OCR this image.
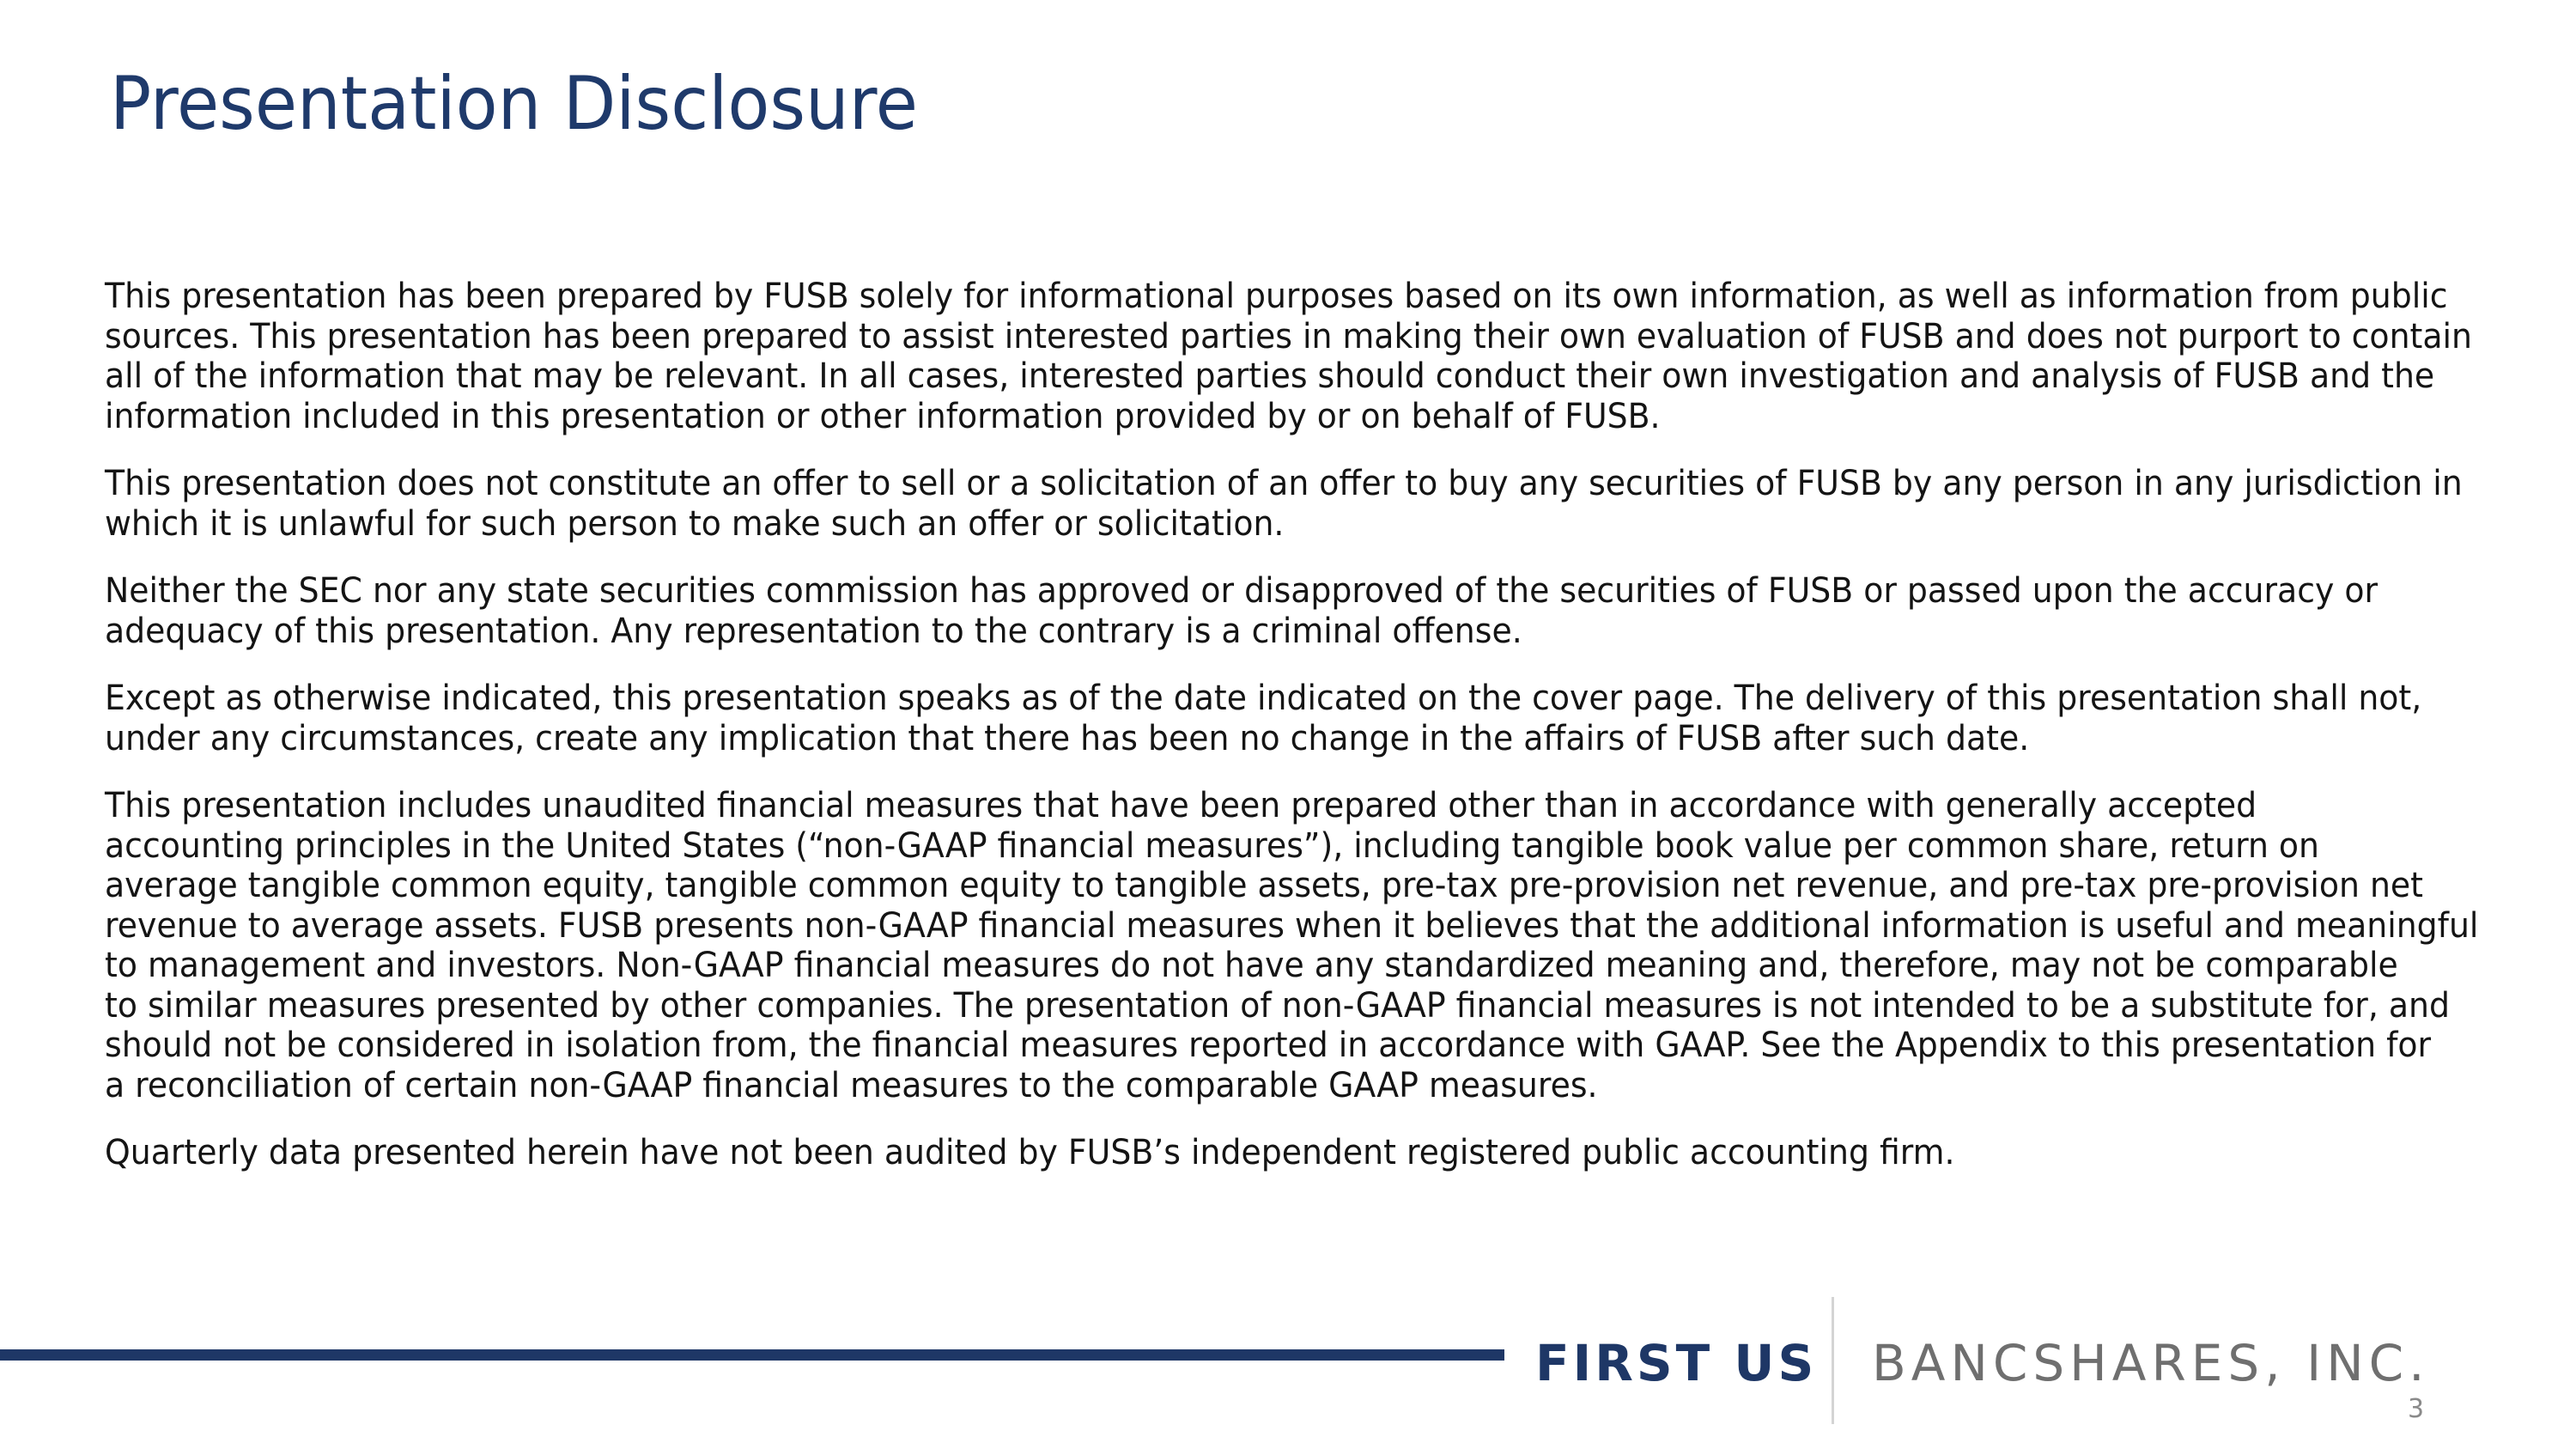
Presentation Disclosure

This presentation has been prepared by FUSB solely for informational purposes based on its own information, as well as information from public
sources. This presentation has been prepared to assist interested parties in making their own evaluation of FUSB and does not purport to contain
all of the information that may be relevant. In all cases, interested parties should conduct their own investigation and analysis of FUSB and the
information included in this presentation or other information provided by or on behalf of FUSB.

This presentation does not constitute an offer to sell or a solicitation of an offer to buy any securities of FUSB by any person in any jurisdiction in
which it is unlawful for such person to make such an offer or solicitation.

Neither the SEC nor any state securities commission has approved or disapproved of the securities of FUSB or passed upon the accuracy or
adequacy of this presentation. Any representation to the contrary is a criminal offense.

Except as otherwise indicated, this presentation speaks as of the date indicated on the cover page. The delivery of this presentation shall not,
under any circumstances, create any implication that there has been no change in the affairs of FUSB after such date.

This presentation includes unaudited financial measures that have been prepared other than in accordance with generally accepted
accounting principles in the United States (“non-GAAP financial measures”), including tangible book value per common share, return on
average tangible common equity, tangible common equity to tangible assets, pre-tax pre-provision net revenue, and pre-tax pre-provision net
revenue to average assets. FUSB presents non-GAAP financial measures when it believes that the additional information is useful and meaningful
to management and investors. Non-GAAP financial measures do not have any standardized meaning and, therefore, may not be comparable
to similar measures presented by other companies. The presentation of non-GAAP financial measures is not intended to be a substitute for, and
should not be considered in isolation from, the financial measures reported in accordance with GAAP. See the Appendix to this presentation for
a reconciliation of certain non-GAAP financial measures to the comparable GAAP measures.

Quarterly data presented herein have not been audited by FUSB’s independent registered public accounting firm.

FIRST US BANCSHARES, INC.
3
